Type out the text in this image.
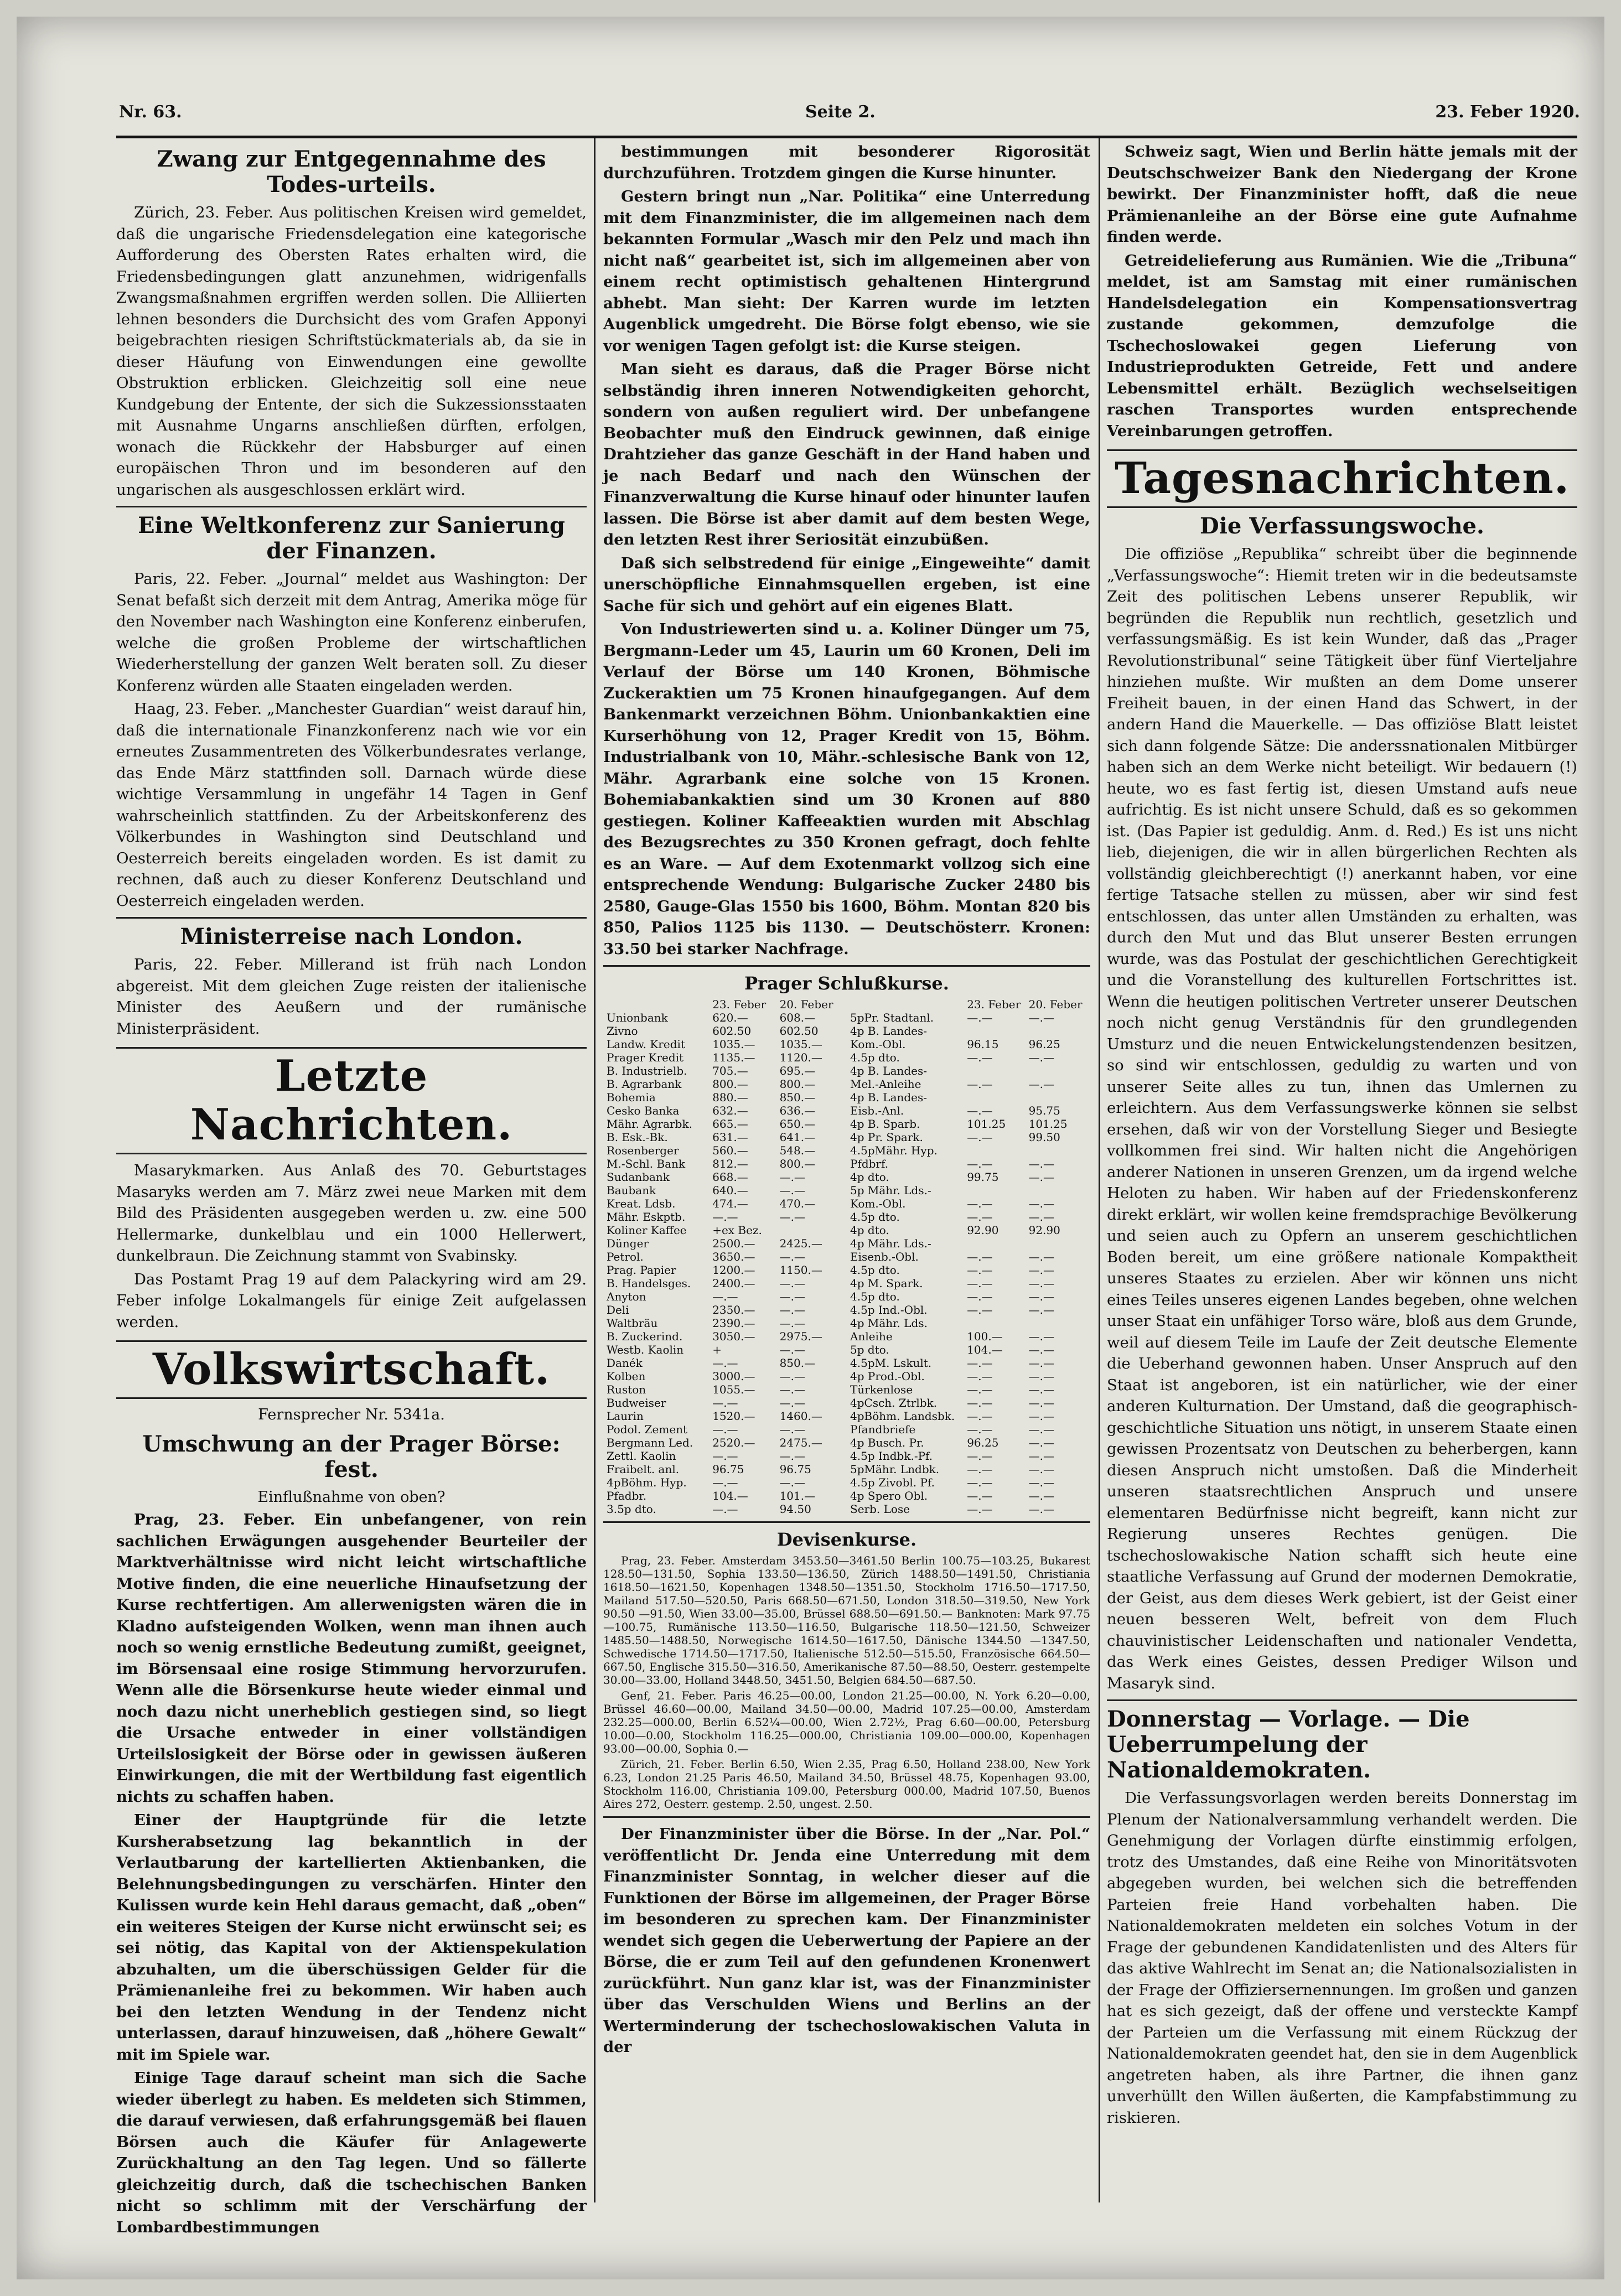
Nr. 63.	Seite 2.	23. Feber 1920.
Zwang zur Entgegennahme des Todes-urteils.

Zürich, 23. Feber. Aus politischen Kreisen wird gemeldet, daß die ungarische Friedensdelegation eine kategorische Aufforderung des Obersten Rates erhalten wird, die Friedensbedingungen glatt anzunehmen, widrigenfalls Zwangsmaßnahmen ergriffen werden sollen. Die Alliierten lehnen besonders die Durchsicht des vom Grafen Apponyi beigebrachten riesigen Schriftstückmaterials ab, da sie in dieser Häufung von Einwendungen eine gewollte Obstruktion erblicken. Gleichzeitig soll eine neue Kundgebung der Entente, der sich die Sukzessionsstaaten mit Ausnahme Ungarns anschließen dürften, erfolgen, wonach die Rückkehr der Habsburger auf einen europäischen Thron und im besonderen auf den ungarischen als ausgeschlossen erklärt wird.

Eine Weltkonferenz zur Sanierung der Finanzen.

Paris, 22. Feber. „Journal“ meldet aus Washington: Der Senat befaßt sich derzeit mit dem Antrag, Amerika möge für den November nach Washington eine Konferenz einberufen, welche die großen Probleme der wirtschaftlichen Wiederherstellung der ganzen Welt beraten soll. Zu dieser Konferenz würden alle Staaten eingeladen werden.

Haag, 23. Feber. „Manchester Guardian“ weist darauf hin, daß die internationale Finanzkonferenz nach wie vor ein erneutes Zusammentreten des Völkerbundesrates verlange, das Ende März stattfinden soll. Darnach würde diese wichtige Versammlung in ungefähr 14 Tagen in Genf wahrscheinlich stattfinden. Zu der Arbeitskonferenz des Völkerbundes in Washington sind Deutschland und Oesterreich bereits eingeladen worden. Es ist damit zu rechnen, daß auch zu dieser Konferenz Deutschland und Oesterreich eingeladen werden.

Ministerreise nach London.

Paris, 22. Feber. Millerand ist früh nach London abgereist. Mit dem gleichen Zuge reisten der italienische Minister des Aeußern und der rumänische Ministerpräsident.

Letzte Nachrichten.

Masarykmarken. Aus Anlaß des 70. Geburtstages Masaryks werden am 7. März zwei neue Marken mit dem Bild des Präsidenten ausgegeben werden u. zw. eine 500 Hellermarke, dunkelblau und ein 1000 Hellerwert, dunkelbraun. Die Zeichnung stammt von Svabinsky.

Das Postamt Prag 19 auf dem Palackyring wird am 29. Feber infolge Lokalmangels für einige Zeit aufgelassen werden.

Volkswirtschaft.
Fernsprecher Nr. 5341a.
Umschwung an der Prager Börse: fest.
Einflußnahme von oben?

Prag, 23. Feber. Ein unbefangener, von rein sachlichen Erwägungen ausgehender Beurteiler der Marktverhältnisse wird nicht leicht wirtschaftliche Motive finden, die eine neuerliche Hinaufsetzung der Kurse rechtfertigen. Am allerwenigsten wären die in Kladno aufsteigenden Wolken, wenn man ihnen auch noch so wenig ernstliche Bedeutung zumißt, geeignet, im Börsensaal eine rosige Stimmung hervorzurufen. Wenn alle die Börsenkurse heute wieder einmal und noch dazu nicht unerheblich gestiegen sind, so liegt die Ursache entweder in einer vollständigen Urteilslosigkeit der Börse oder in gewissen äußeren Einwirkungen, die mit der Wertbildung fast eigentlich nichts zu schaffen haben.

Einer der Hauptgründe für die letzte Kursherabsetzung lag bekanntlich in der Verlautbarung der kartellierten Aktienbanken, die Belehnungsbedingungen zu verschärfen. Hinter den Kulissen wurde kein Hehl daraus gemacht, daß „oben“ ein weiteres Steigen der Kurse nicht erwünscht sei; es sei nötig, das Kapital von der Aktienspekulation abzuhalten, um die überschüssigen Gelder für die Prämienanleihe frei zu bekommen. Wir haben auch bei den letzten Wendung in der Tendenz nicht unterlassen, darauf hinzuweisen, daß „höhere Gewalt“ mit im Spiele war.

Einige Tage darauf scheint man sich die Sache wieder überlegt zu haben. Es meldeten sich Stimmen, die darauf verwiesen, daß erfahrungsgemäß bei flauen Börsen auch die Käufer für Anlagewerte Zurückhaltung an den Tag legen. Und so fällerte gleichzeitig durch, daß die tschechischen Banken nicht so schlimm mit der Verschärfung der Lombardbestimmungen

bestimmungen mit besonderer Rigorosität durchzuführen. Trotzdem gingen die Kurse hinunter.

Gestern bringt nun „Nar. Politika“ eine Unterredung mit dem Finanzminister, die im allgemeinen nach dem bekannten Formular „Wasch mir den Pelz und mach ihn nicht naß“ gearbeitet ist, sich im allgemeinen aber von einem recht optimistisch gehaltenen Hintergrund abhebt. Man sieht: Der Karren wurde im letzten Augenblick umgedreht. Die Börse folgt ebenso, wie sie vor wenigen Tagen gefolgt ist: die Kurse steigen.

Man sieht es daraus, daß die Prager Börse nicht selbständig ihren inneren Notwendigkeiten gehorcht, sondern von außen reguliert wird. Der unbefangene Beobachter muß den Eindruck gewinnen, daß einige Drahtzieher das ganze Geschäft in der Hand haben und je nach Bedarf und nach den Wünschen der Finanzverwaltung die Kurse hinauf oder hinunter laufen lassen. Die Börse ist aber damit auf dem besten Wege, den letzten Rest ihrer Seriosität einzubüßen.

Daß sich selbstredend für einige „Eingeweihte“ damit unerschöpfliche Einnahmsquellen ergeben, ist eine Sache für sich und gehört auf ein eigenes Blatt.

Von Industriewerten sind u. a. Koliner Dünger um 75, Bergmann-Leder um 45, Laurin um 60 Kronen, Deli im Verlauf der Börse um 140 Kronen, Böhmische Zuckeraktien um 75 Kronen hinaufgegangen. Auf dem Bankenmarkt verzeichnen Böhm. Unionbankaktien eine Kurserhöhung von 12, Prager Kredit von 15, Böhm. Industrialbank von 10, Mähr.-schlesische Bank von 12, Mähr. Agrarbank eine solche von 15 Kronen. Bohemiabankaktien sind um 30 Kronen auf 880 gestiegen. Koliner Kaffeeaktien wurden mit Abschlag des Bezugsrechtes zu 350 Kronen gefragt, doch fehlte es an Ware. — Auf dem Exotenmarkt vollzog sich eine entsprechende Wendung: Bulgarische Zucker 2480 bis 2580, Gauge-Glas 1550 bis 1600, Böhm. Montan 820 bis 850, Palios 1125 bis 1130. — Deutschösterr. Kronen: 33.50 bei starker Nachfrage.

Prager Schlußkurse.
	23. Feber	20. Feber
Unionbank	620.—	608.—
Zivno	602.50	602.50
Landw. Kredit	1035.—	1035.—
Prager Kredit	1135.—	1120.—
B. Industrielb.	705.—	695.—
B. Agrarbank	800.—	800.—
Bohemia	880.—	850.—
Cesko Banka	632.—	636.—
Mähr. Agrarbk.	665.—	650.—
B. Esk.-Bk.	631.—	641.—
Rosenberger	560.—	548.—
M.-Schl. Bank	812.—	800.—
Sudanbank	668.—	—.—
Baubank	640.—	—.—
Kreat. Ldsb.	474.—	470.—
Mähr. Eskptb.	—.—	—.—
Koliner Kaffee	+ex Bez.	
Dünger	2500.—	2425.—
Petrol.	3650.—	—.—
Prag. Papier	1200.—	1150.—
B. Handelsges.	2400.—	—.—
Anyton	—.—	—.—
Deli	2350.—	—.—
Waltbräu	2390.—	—.—
B. Zuckerind.	3050.—	2975.—
Westb. Kaolin	+	—.—
Danék	—.—	850.—
Kolben	3000.—	—.—
Ruston	1055.—	—.—
Budweiser	—.—	—.—
Laurin	1520.—	1460.—
Podol. Zement	—.—	—.—
Bergmann Led.	2520.—	2475.—
Zettl. Kaolin	—.—	—.—
Fraibelt. anl.	96.75	96.75
4pBöhm. Hyp.	—.—	—.—
Pfadbr.	104.—	101.—
3.5p dto.	—.—	94.50

	23. Feber	20. Feber
5pPr. Stadtanl.	—.—	—.—
4p B. Landes-		
Kom.-Obl.	96.15	96.25
4.5p dto.	—.—	—.—
4p B. Landes-		
Mel.-Anleihe	—.—	—.—
4p B. Landes-		
Eisb.-Anl.	—.—	95.75
4p B. Sparb.	101.25	101.25
4p Pr. Spark.	—.—	99.50
4.5pMähr. Hyp.		
Pfdbrf.	—.—	—.—
4p dto.	99.75	—.—
5p Mähr. Lds.-		
Kom.-Obl.	—.—	—.—
4.5p dto.	—.—	—.—
4p dto.	92.90	92.90
4p Mähr. Lds.-		
Eisenb.-Obl.	—.—	—.—
4.5p dto.	—.—	—.—
4p M. Spark.	—.—	—.—
4.5p dto.	—.—	—.—
4.5p Ind.-Obl.	—.—	—.—
4p Mähr. Lds.		
Anleihe	100.—	—.—
5p dto.	104.—	—.—
4.5pM. Lskult.	—.—	—.—
4p Prod.-Obl.	—.—	—.—
Türkenlose	—.—	—.—
4pCsch. Ztrlbk.	—.—	—.—
4pBöhm. Landsbk.	—.—	—.—
Pfandbriefe	—.—	—.—
4p Busch. Pr.	96.25	—.—
4.5p Indbk.-Pf.	—.—	—.—
5pMähr. Lndbk.	—.—	—.—
4.5p Zivobl. Pf.	—.—	—.—
4p Spero Obl.	—.—	—.—
Serb. Lose	—.—	—.—
Devisenkurse.

Prag, 23. Feber. Amsterdam 3453.50—3461.50 Berlin 100.75—103.25, Bukarest 128.50—131.50, Sophia 133.50—136.50, Zürich 1488.50—1491.50, Christiania 1618.50—1621.50, Kopenhagen 1348.50—1351.50, Stockholm 1716.50—1717.50, Mailand 517.50—520.50, Paris 668.50—671.50, London 318.50—319.50, New York 90.50 —91.50, Wien 33.00—35.00, Brüssel 688.50—691.50.— Banknoten: Mark 97.75—100.75, Rumänische 113.50—116.50, Bulgarische 118.50—121.50, Schweizer 1485.50—1488.50, Norwegische 1614.50—1617.50, Dänische 1344.50 —1347.50, Schwedische 1714.50—1717.50, Italienische 512.50—515.50, Französische 664.50—667.50, Englische 315.50—316.50, Amerikanische 87.50—88.50, Oesterr. gestempelte 30.00—33.00, Holland 3448.50, 3451.50, Belgien 684.50—687.50.

Genf, 21. Feber. Paris 46.25—00.00, London 21.25—00.00, N. York 6.20—0.00, Brüssel 46.60—00.00, Mailand 34.50—00.00, Madrid 107.25—00.00, Amsterdam 232.25—000.00, Berlin 6.52¼—00.00, Wien 2.72½, Prag 6.60—00.00, Petersburg 10.00—0.00, Stockholm 116.25—000.00, Christiania 109.00—000.00, Kopenhagen 93.00—00.00, Sophia 0.—

Zürich, 21. Feber. Berlin 6.50, Wien 2.35, Prag 6.50, Holland 238.00, New York 6.23, London 21.25 Paris 46.50, Mailand 34.50, Brüssel 48.75, Kopenhagen 93.00, Stockholm 116.00, Christiania 109.00, Petersburg 000.00, Madrid 107.50, Buenos Aires 272, Oesterr. gestemp. 2.50, ungest. 2.50.

Der Finanzminister über die Börse. In der „Nar. Pol.“ veröffentlicht Dr. Jenda eine Unterredung mit dem Finanzminister Sonntag, in welcher dieser auf die Funktionen der Börse im allgemeinen, der Prager Börse im besonderen zu sprechen kam. Der Finanzminister wendet sich gegen die Ueberwertung der Papiere an der Börse, die er zum Teil auf den gefundenen Kronenwert zurückführt. Nun ganz klar ist, was der Finanzminister über das Verschulden Wiens und Berlins an der Werterminderung der tschechoslowakischen Valuta in der

Schweiz sagt, Wien und Berlin hätte jemals mit der Deutschschweizer Bank den Niedergang der Krone bewirkt. Der Finanzminister hofft, daß die neue Prämienanleihe an der Börse eine gute Aufnahme finden werde.

Getreidelieferung aus Rumänien. Wie die „Tribuna“ meldet, ist am Samstag mit einer rumänischen Handelsdelegation ein Kompensationsvertrag zustande gekommen, demzufolge die Tschechoslowakei gegen Lieferung von Industrieprodukten Getreide, Fett und andere Lebensmittel erhält. Bezüglich wechselseitigen raschen Transportes wurden entsprechende Vereinbarungen getroffen.

Tagesnachrichten.
Die Verfassungswoche.

Die offiziöse „Republika“ schreibt über die beginnende „Verfassungswoche“: Hiemit treten wir in die bedeutsamste Zeit des politischen Lebens unserer Republik, wir begründen die Republik nun rechtlich, gesetzlich und verfassungsmäßig. Es ist kein Wunder, daß das „Prager Revolutionstribunal“ seine Tätigkeit über fünf Vierteljahre hinziehen mußte. Wir mußten an dem Dome unserer Freiheit bauen, in der einen Hand das Schwert, in der andern Hand die Mauerkelle. — Das offiziöse Blatt leistet sich dann folgende Sätze: Die anderssnationalen Mitbürger haben sich an dem Werke nicht beteiligt. Wir bedauern (!) heute, wo es fast fertig ist, diesen Umstand aufs neue aufrichtig. Es ist nicht unsere Schuld, daß es so gekommen ist. (Das Papier ist geduldig. Anm. d. Red.) Es ist uns nicht lieb, diejenigen, die wir in allen bürgerlichen Rechten als vollständig gleichberechtigt (!) anerkannt haben, vor eine fertige Tatsache stellen zu müssen, aber wir sind fest entschlossen, das unter allen Umständen zu erhalten, was durch den Mut und das Blut unserer Besten errungen wurde, was das Postulat der geschichtlichen Gerechtigkeit und die Voranstellung des kulturellen Fortschrittes ist. Wenn die heutigen politischen Vertreter unserer Deutschen noch nicht genug Verständnis für den grundlegenden Umsturz und die neuen Entwickelungstendenzen besitzen, so sind wir entschlossen, geduldig zu warten und von unserer Seite alles zu tun, ihnen das Umlernen zu erleichtern. Aus dem Verfassungswerke können sie selbst ersehen, daß wir von der Vorstellung Sieger und Besiegte vollkommen frei sind. Wir halten nicht die Angehörigen anderer Nationen in unseren Grenzen, um da irgend welche Heloten zu haben. Wir haben auf der Friedenskonferenz direkt erklärt, wir wollen keine fremdsprachige Bevölkerung und seien auch zu Opfern an unserem geschichtlichen Boden bereit, um eine größere nationale Kompaktheit unseres Staates zu erzielen. Aber wir können uns nicht eines Teiles unseres eigenen Landes begeben, ohne welchen unser Staat ein unfähiger Torso wäre, bloß aus dem Grunde, weil auf diesem Teile im Laufe der Zeit deutsche Elemente die Ueberhand gewonnen haben. Unser Anspruch auf den Staat ist angeboren, ist ein natürlicher, wie der einer anderen Kulturnation. Der Umstand, daß die geographisch-geschichtliche Situation uns nötigt, in unserem Staate einen gewissen Prozentsatz von Deutschen zu beherbergen, kann diesen Anspruch nicht umstoßen. Daß die Minderheit unseren staatsrechtlichen Anspruch und unsere elementaren Bedürfnisse nicht begreift, kann nicht zur Regierung unseres Rechtes genügen. Die tschechoslowakische Nation schafft sich heute eine staatliche Verfassung auf Grund der modernen Demokratie, der Geist, aus dem dieses Werk gebiert, ist der Geist einer neuen besseren Welt, befreit von dem Fluch chauvinistischer Leidenschaften und nationaler Vendetta, das Werk eines Geistes, dessen Prediger Wilson und Masaryk sind.

Donnerstag — Vorlage. — Die Ueberrumpelung der Nationaldemokraten.

Die Verfassungsvorlagen werden bereits Donnerstag im Plenum der Nationalversammlung verhandelt werden. Die Genehmigung der Vorlagen dürfte einstimmig erfolgen, trotz des Umstandes, daß eine Reihe von Minoritätsvoten abgegeben wurden, bei welchen sich die betreffenden Parteien freie Hand vorbehalten haben. Die Nationaldemokraten meldeten ein solches Votum in der Frage der gebundenen Kandidatenlisten und des Alters für das aktive Wahlrecht im Senat an; die Nationalsozialisten in der Frage der Offiziersernennungen. Im großen und ganzen hat es sich gezeigt, daß der offene und versteckte Kampf der Parteien um die Verfassung mit einem Rückzug der Nationaldemokraten geendet hat, den sie in dem Augenblick angetreten haben, als ihre Partner, die ihnen ganz unverhüllt den Willen äußerten, die Kampfabstimmung zu riskieren.
